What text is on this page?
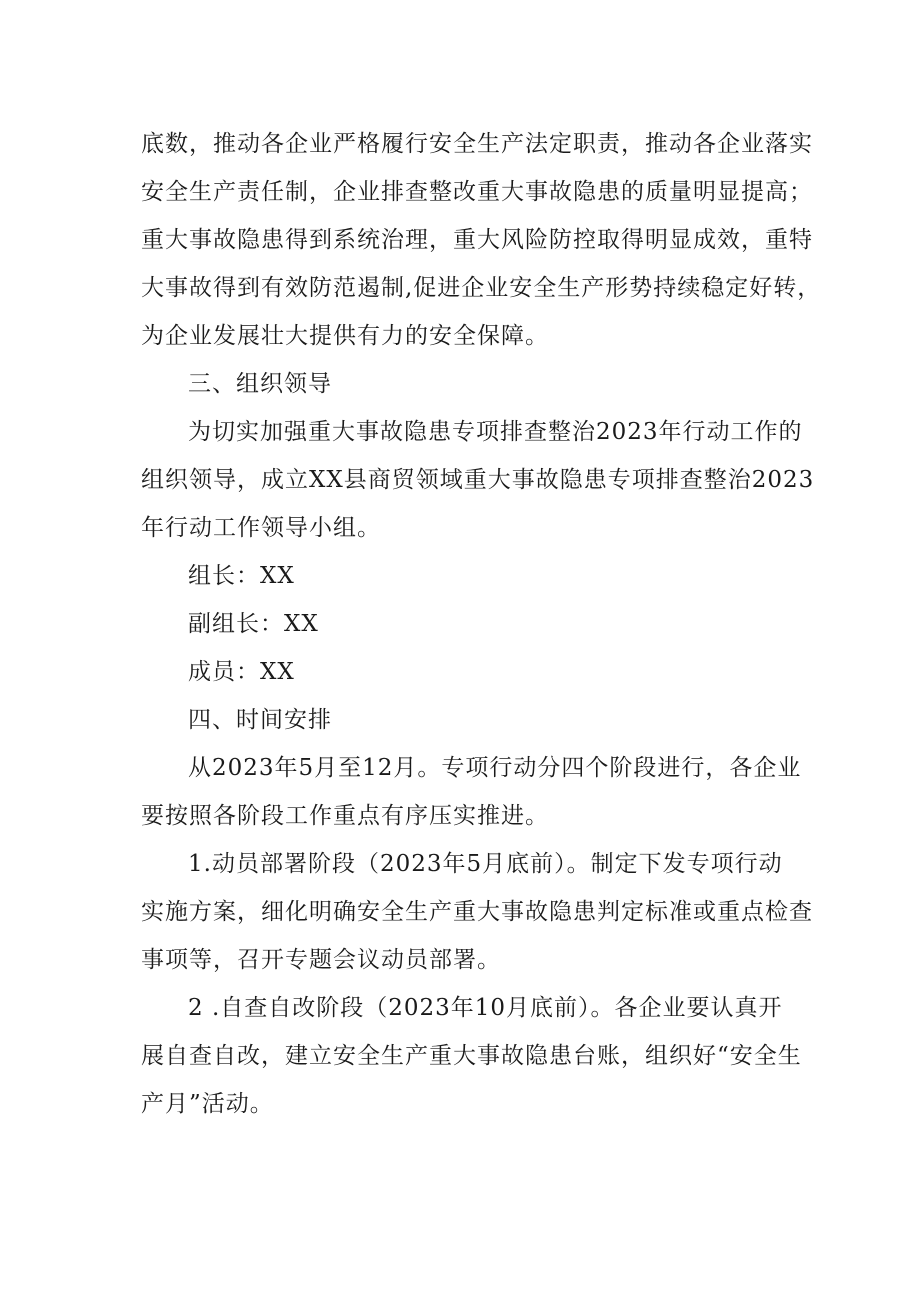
底数，推动各企业严格履行安全生产法定职责，推动各企业落实
安全生产责任制，企业排查整改重大事故隐患的质量明显提高；
重大事故隐患得到系统治理，重大风险防控取得明显成效，重特
大事故得到有效防范遏制,促进企业安全生产形势持续稳定好转，
为企业发展壮大提供有力的安全保障。
三、组织领导
为切实加强重大事故隐患专项排查整治2023年行动工作的
组织领导，成立XX县商贸领域重大事故隐患专项排查整治2023
年行动工作领导小组。
组长：XX
副组长：XX
成员：XX
四、时间安排
从2023年5月至12月。专项行动分四个阶段进行，各企业
要按照各阶段工作重点有序压实推进。
1.动员部署阶段（2023年5月底前）。制定下发专项行动
实施方案，细化明确安全生产重大事故隐患判定标准或重点检查
事项等，召开专题会议动员部署。
2 .自查自改阶段（2023年10月底前）。各企业要认真开
展自查自改，建立安全生产重大事故隐患台账，组织好“安全生
产月”活动。
